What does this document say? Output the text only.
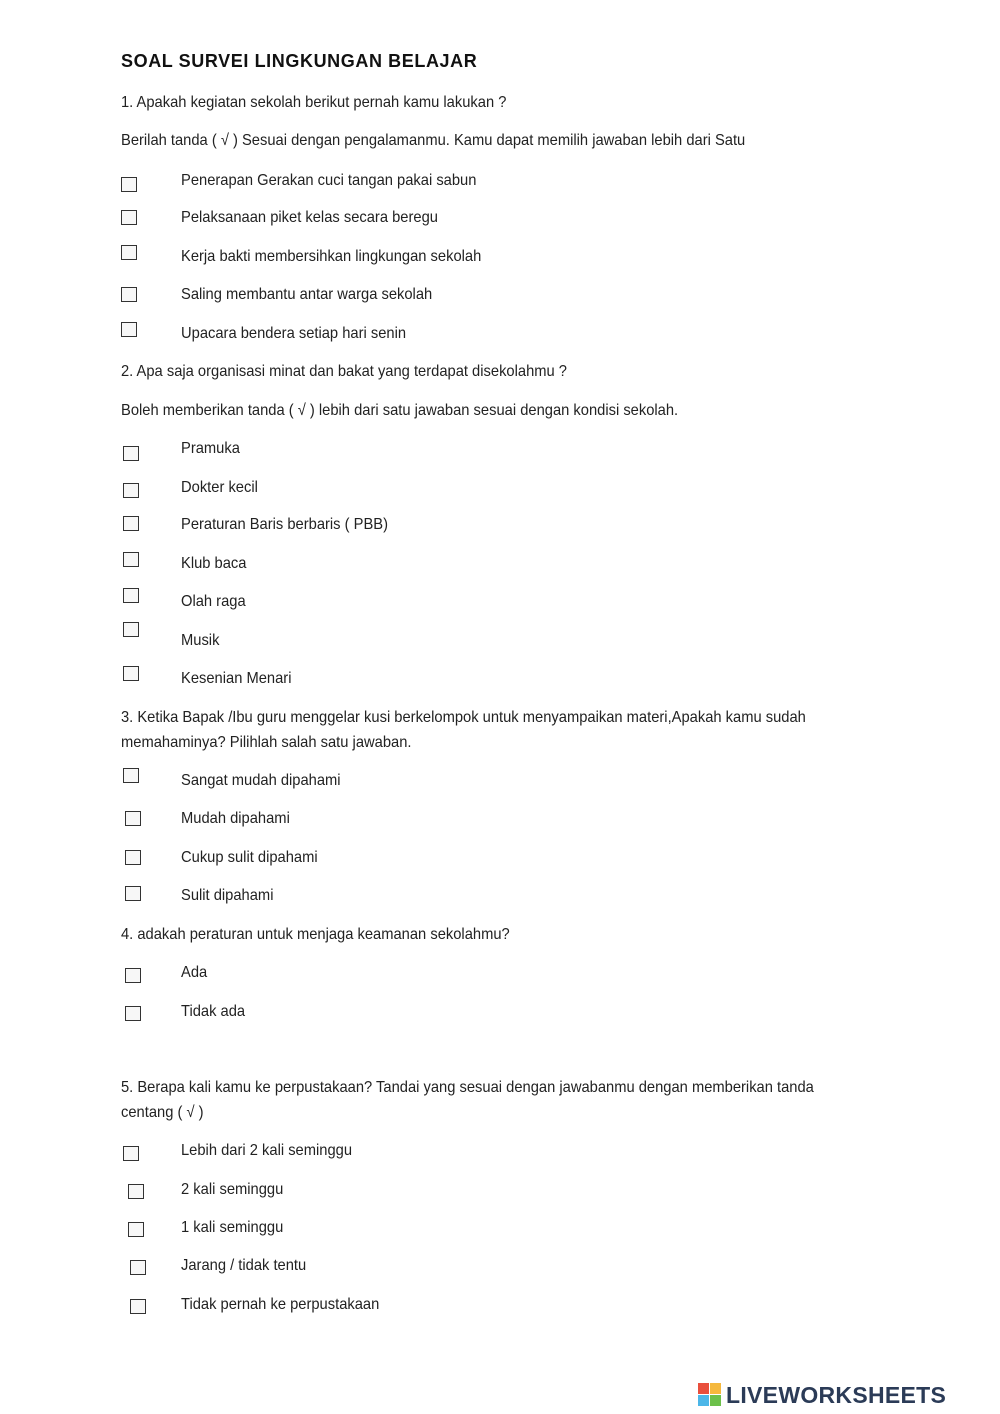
SOAL SURVEI LINGKUNGAN BELAJAR
1. Apakah kegiatan sekolah berikut pernah kamu lakukan ?
Berilah tanda ( √ ) Sesuai dengan pengalamanmu. Kamu dapat memilih jawaban lebih dari Satu
Penerapan Gerakan cuci tangan pakai sabun
Pelaksanaan piket kelas secara beregu
Kerja bakti membersihkan lingkungan sekolah
Saling membantu antar warga sekolah
Upacara bendera setiap hari senin
2. Apa saja organisasi minat dan bakat yang terdapat disekolahmu ?
Boleh memberikan tanda ( √ ) lebih dari satu jawaban sesuai dengan kondisi sekolah.
Pramuka
Dokter kecil
Peraturan Baris berbaris ( PBB)
Klub baca
Olah raga
Musik
Kesenian Menari
3. Ketika Bapak /Ibu guru menggelar kusi berkelompok untuk menyampaikan materi,Apakah kamu sudah memahaminya? Pilihlah salah satu jawaban.
Sangat mudah dipahami
Mudah dipahami
Cukup sulit dipahami
Sulit dipahami
4. adakah peraturan untuk menjaga keamanan sekolahmu?
Ada
Tidak ada
5. Berapa kali kamu ke perpustakaan? Tandai yang sesuai dengan jawabanmu dengan memberikan tanda centang ( √ )
Lebih dari 2 kali seminggu
2 kali seminggu
1 kali seminggu
Jarang / tidak tentu
Tidak pernah ke perpustakaan
LIVEWORKSHEETS
